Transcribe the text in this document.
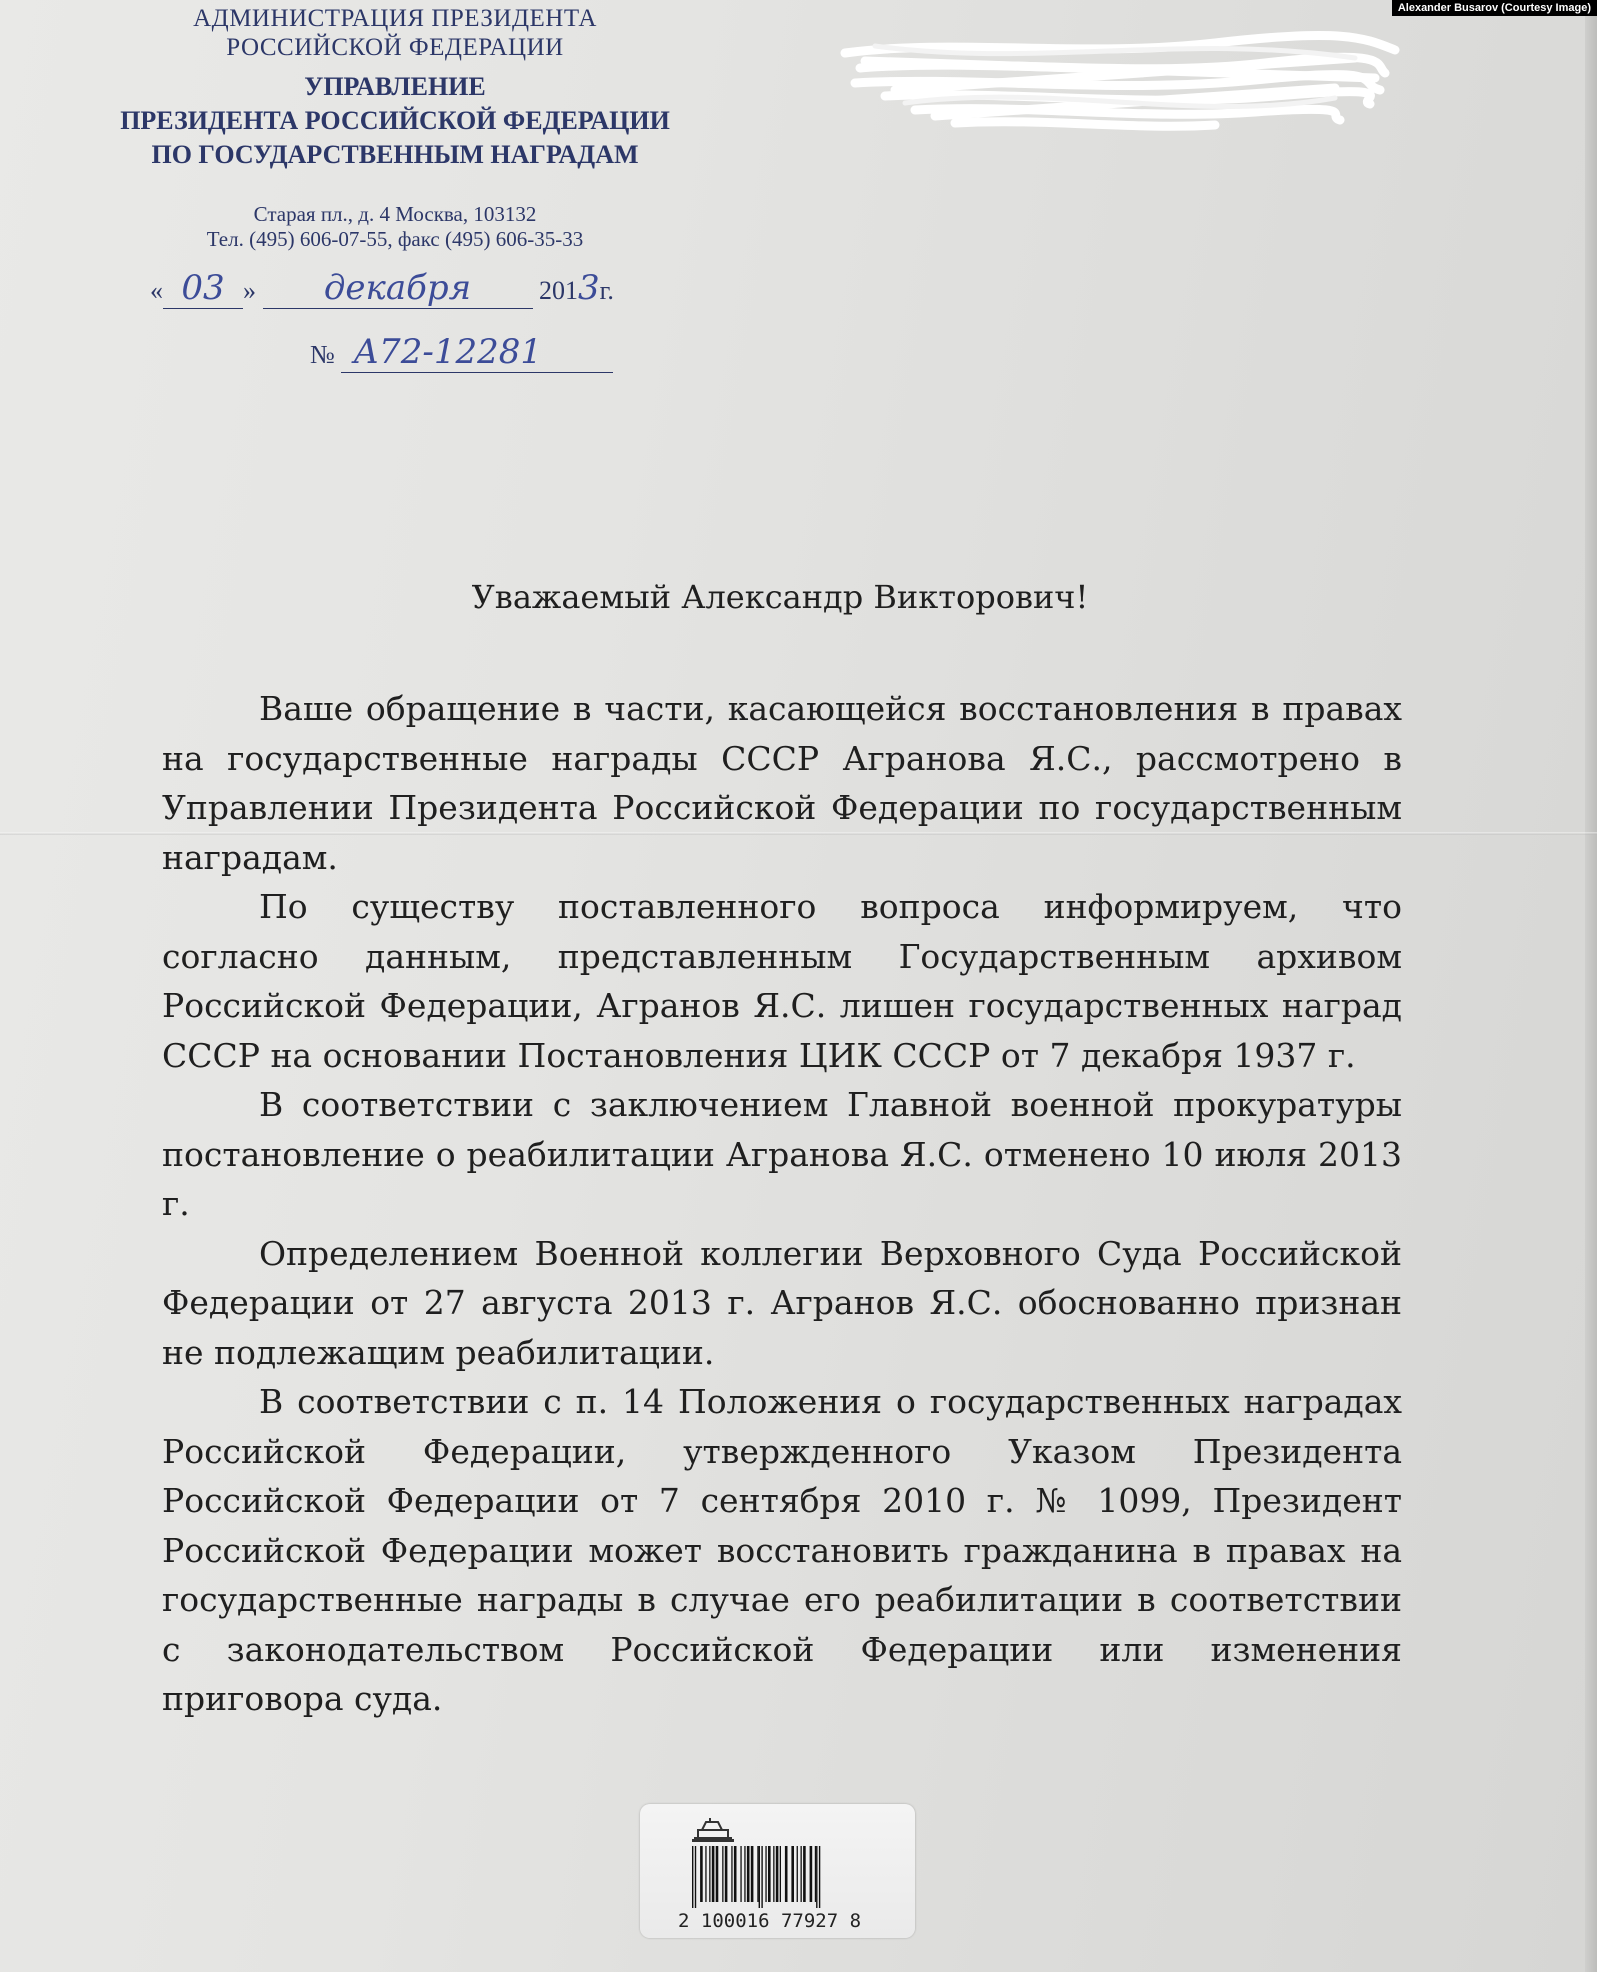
АДМИНИСТРАЦИЯ ПРЕЗИДЕНТА
РОССИЙСКОЙ ФЕДЕРАЦИИ
УПРАВЛЕНИЕ
ПРЕЗИДЕНТА РОССИЙСКОЙ ФЕДЕРАЦИИ
ПО ГОСУДАРСТВЕННЫМ НАГРАДАМ
Старая пл., д. 4 Москва, 103132
Тел. (495) 606-07-55, факс (495) 606-35-33
« 03 » декабря	2013г.
№ А72-12281
Уважаемый Александр Викторович!

Ваше обращение в части, касающейся восстановления в правах на государственные награды СССР Агранова Я.С., рассмотрено в Управлении Президента Российской Федерации по государственным наградам.

По существу поставленного вопроса информируем, что согласно данным, представленным Государственным архивом Российской Федерации, Агранов Я.С. лишен государственных наград СССР на основании Постановления ЦИК СССР от 7 декабря 1937 г.

В соответствии с заключением Главной военной прокуратуры постановление о реабилитации Агранова Я.С. отменено 10 июля 2013 г.

Определением Военной коллегии Верховного Суда Российской Федерации от 27 августа 2013 г. Агранов Я.С. обоснованно признан не подлежащим реабилитации.

В соответствии с п. 14 Положения о государственных наградах Российской Федерации, утвержденного Указом Президента Российской Федерации от 7 сентября 2010 г. № 1099, Президент Российской Федерации может восстановить гражданина в правах на государственные награды в случае его реабилитации в соответствии с законодательством Российской Федерации или изменения приговора суда.

2 100016 77927 8
Alexander Busarov (Courtesy Image)
